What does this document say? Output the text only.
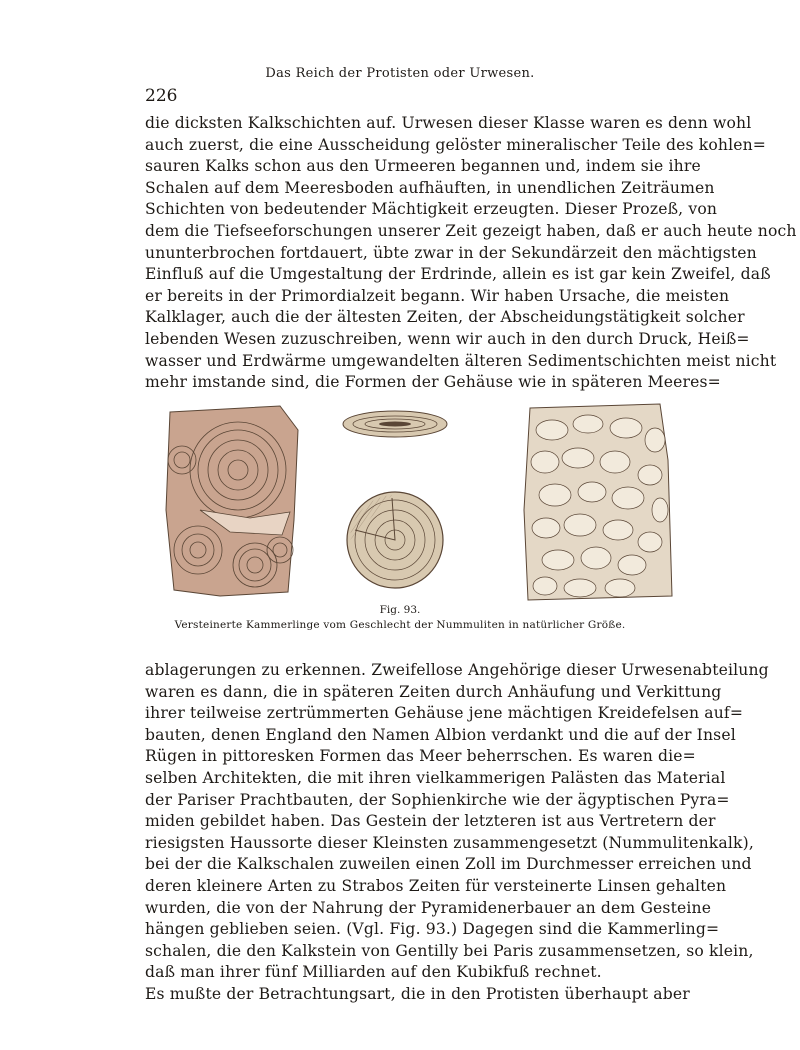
Das Reich der Protisten oder Urwesen.
226
die dicksten Kalkschichten auf. Urwesen dieser Klasse waren es denn wohl
auch zuerst, die eine Ausscheidung gelöster mineralischer Teile des kohlen=
sauren Kalks schon aus den Urmeeren begannen und, indem sie ihre
Schalen auf dem Meeresboden aufhäuften, in unendlichen Zeiträumen
Schichten von bedeutender Mächtigkeit erzeugten. Dieser Prozeß, von
dem die Tiefseeforschungen unserer Zeit gezeigt haben, daß er auch heute noch
ununterbrochen fortdauert, übte zwar in der Sekundärzeit den mächtigsten
Einfluß auf die Umgestaltung der Erdrinde, allein es ist gar kein Zweifel, daß
er bereits in der Primordialzeit begann. Wir haben Ursache, die meisten
Kalklager, auch die der ältesten Zeiten, der Abscheidungstätigkeit solcher
lebenden Wesen zuzuschreiben, wenn wir auch in den durch Druck, Heiß=
wasser und Erdwärme umgewandelten älteren Sedimentschichten meist nicht
mehr imstande sind, die Formen der Gehäuse wie in späteren Meeres=
Fig. 93.
Versteinerte Kammerlinge vom Geschlecht der Nummuliten in natürlicher Größe.
ablagerungen zu erkennen. Zweifellose Angehörige dieser Urwesenabteilung
waren es dann, die in späteren Zeiten durch Anhäufung und Verkittung
ihrer teilweise zertrümmerten Gehäuse jene mächtigen Kreidefelsen auf=
bauten, denen England den Namen Albion verdankt und die auf der Insel
Rügen in pittoresken Formen das Meer beherrschen. Es waren die=
selben Architekten, die mit ihren vielkammerigen Palästen das Material
der Pariser Prachtbauten, der Sophienkirche wie der ägyptischen Pyra=
miden gebildet haben. Das Gestein der letzteren ist aus Vertretern der
riesigsten Haussorte dieser Kleinsten zusammengesetzt (Nummulitenkalk),
bei der die Kalkschalen zuweilen einen Zoll im Durchmesser erreichen und
deren kleinere Arten zu Strabos Zeiten für versteinerte Linsen gehalten
wurden, die von der Nahrung der Pyramidenerbauer an dem Gesteine
hängen geblieben seien. (Vgl. Fig. 93.) Dagegen sind die Kammerling=
schalen, die den Kalkstein von Gentilly bei Paris zusammensetzen, so klein,
daß man ihrer fünf Milliarden auf den Kubikfuß rechnet.
Es mußte der Betrachtungsart, die in den Protisten überhaupt aber
